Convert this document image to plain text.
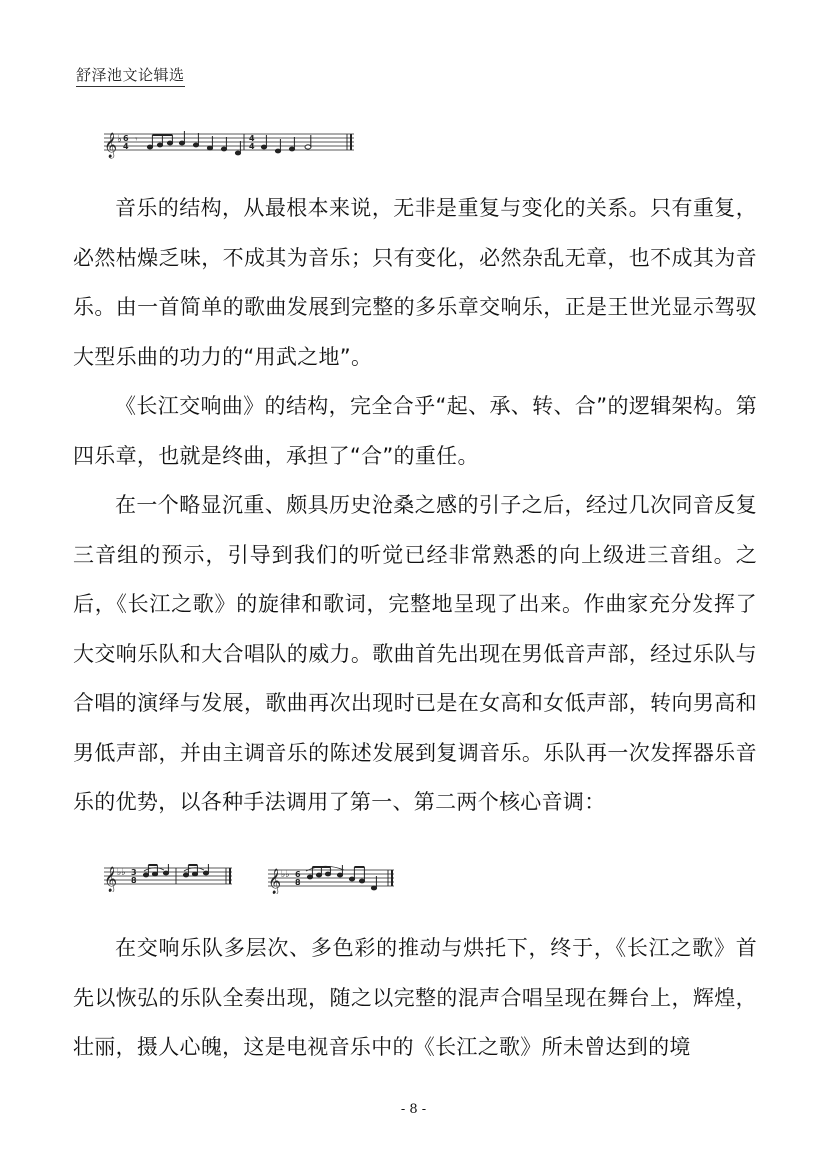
舒泽池文论辑选
𝄞 ♭ 6
4
𝄾	4
4
音乐的结构，从最根本来说，无非是重复与变化的关系。只有重复，必然枯燥乏味，不成其为音乐；只有变化，必然杂乱无章，也不成其为音乐。由一首简单的歌曲发展到完整的多乐章交响乐，正是王世光显示驾驭大型乐曲的功力的“用武之地”。
《长江交响曲》的结构，完全合乎“起、承、转、合”的逻辑架构。第四乐章，也就是终曲，承担了“合”的重任。
在一个略显沉重、颇具历史沧桑之感的引子之后，经过几次同音反复三音组的预示，引导到我们的听觉已经非常熟悉的向上级进三音组。之后，《长江之歌》的旋律和歌词，完整地呈现了出来。作曲家充分发挥了大交响乐队和大合唱队的威力。歌曲首先出现在男低音声部，经过乐队与合唱的演绎与发展，歌曲再次出现时已是在女高和女低声部，转向男高和男低声部，并由主调音乐的陈述发展到复调音乐。乐队再一次发挥器乐音乐的优势，以各种手法调用了第一、第二两个核心音调：
𝄞 ♭♭ 3
8	𝄞 ♭♭ 6
8
在交响乐队多层次、多色彩的推动与烘托下，终于，《长江之歌》首先以恢弘的乐队全奏出现，随之以完整的混声合唱呈现在舞台上，辉煌，壮丽，摄人心魄，这是电视音乐中的《长江之歌》所未曾达到的境
- 8 -
